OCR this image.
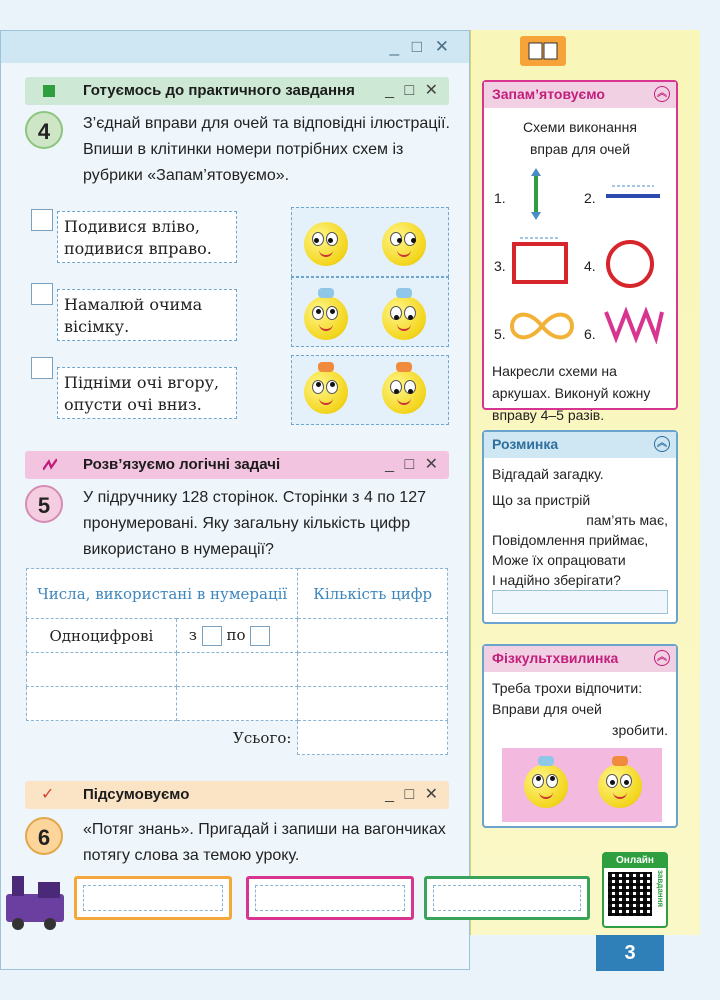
_ □ ✕
Готуємось до практичного завдання _ □ ✕
4	З’єднай вправи для очей та відповідні ілюстрації. Впиши в клітинки номери потрібних схем із рубрики «Запам’ятовуємо».
Подивися вліво, подивися вправо.
Намалюй очима вісімку.
Підніми очі вгору, опусти очі вниз.
Розв’язуємо логічні задачі	_ □ ✕
5	У підручнику 128 сторінок. Сторінки з 4 по 127 пронумеровані. Яку загальну кількість цифр використано в нумерації?
✓ Підсумовуємо	_ □ ✕
6	«Потяг знань». Пригадай і запиши на вагончиках потягу слова за темою уроку.
Числа, використані в нумерації		Кількість цифр
Одноцифрові	з по	

	Усього:	
Запам’ятовуємо	︽
Схеми виконання вправ для очей
1.	2.
3.	4.
5.	6.
Накресли схеми на аркушах. Виконуй кожну вправу 4–5 разів.
Розминка	︽
Відгадай загадку.
Що за пристрій
пам’ять має,
Повідомлення приймає,
Може їх опрацювати
І надійно зберігати?
Фізкультхвилинка	︽
Треба трохи відпочити:
Вправи для очей
зробити.
Онлайн
завдання
3
